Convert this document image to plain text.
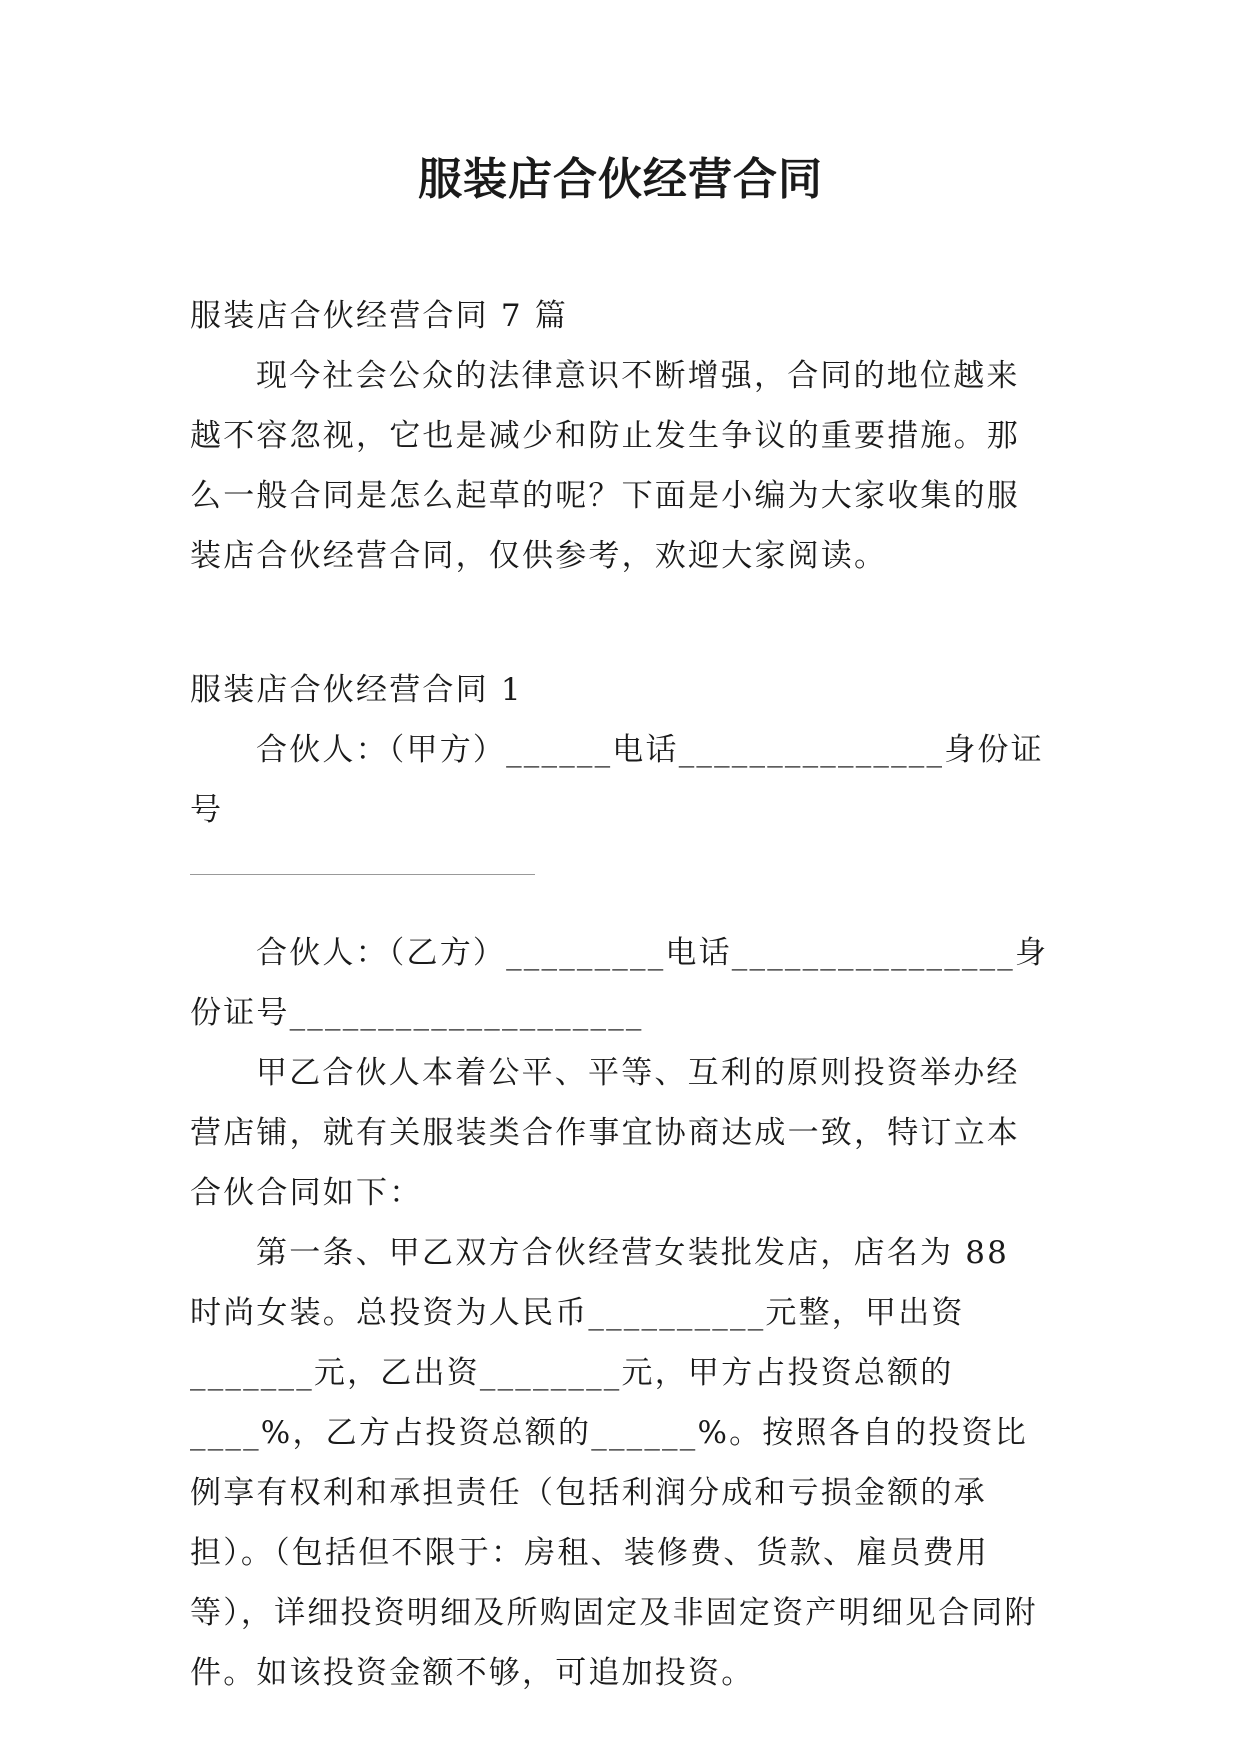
服装店合伙经营合同

服装店合伙经营合同 7 篇

现今社会公众的法律意识不断增强，合同的地位越来越不容忽视，它也是减少和防止发生争议的重要措施。那么一般合同是怎么起草的呢？下面是小编为大家收集的服装店合伙经营合同，仅供参考，欢迎大家阅读。

服装店合伙经营合同 1

合伙人：（甲方）______电话_______________身份证号

合伙人：（乙方）_________电话________________身份证号____________________

甲乙合伙人本着公平、平等、互利的原则投资举办经营店铺，就有关服装类合作事宜协商达成一致，特订立本合伙合同如下：

第一条、甲乙双方合伙经营女装批发店，店名为 88 时尚女装。总投资为人民币__________元整，甲出资_______元，乙出资________元，甲方占投资总额的____%，乙方占投资总额的______%。按照各自的投资比例享有权利和承担责任（包括利润分成和亏损金额的承担）。（包括但不限于：房租、装修费、货款、雇员费用等），详细投资明细及所购固定及非固定资产明细见合同附件。如该投资金额不够，可追加投资。
